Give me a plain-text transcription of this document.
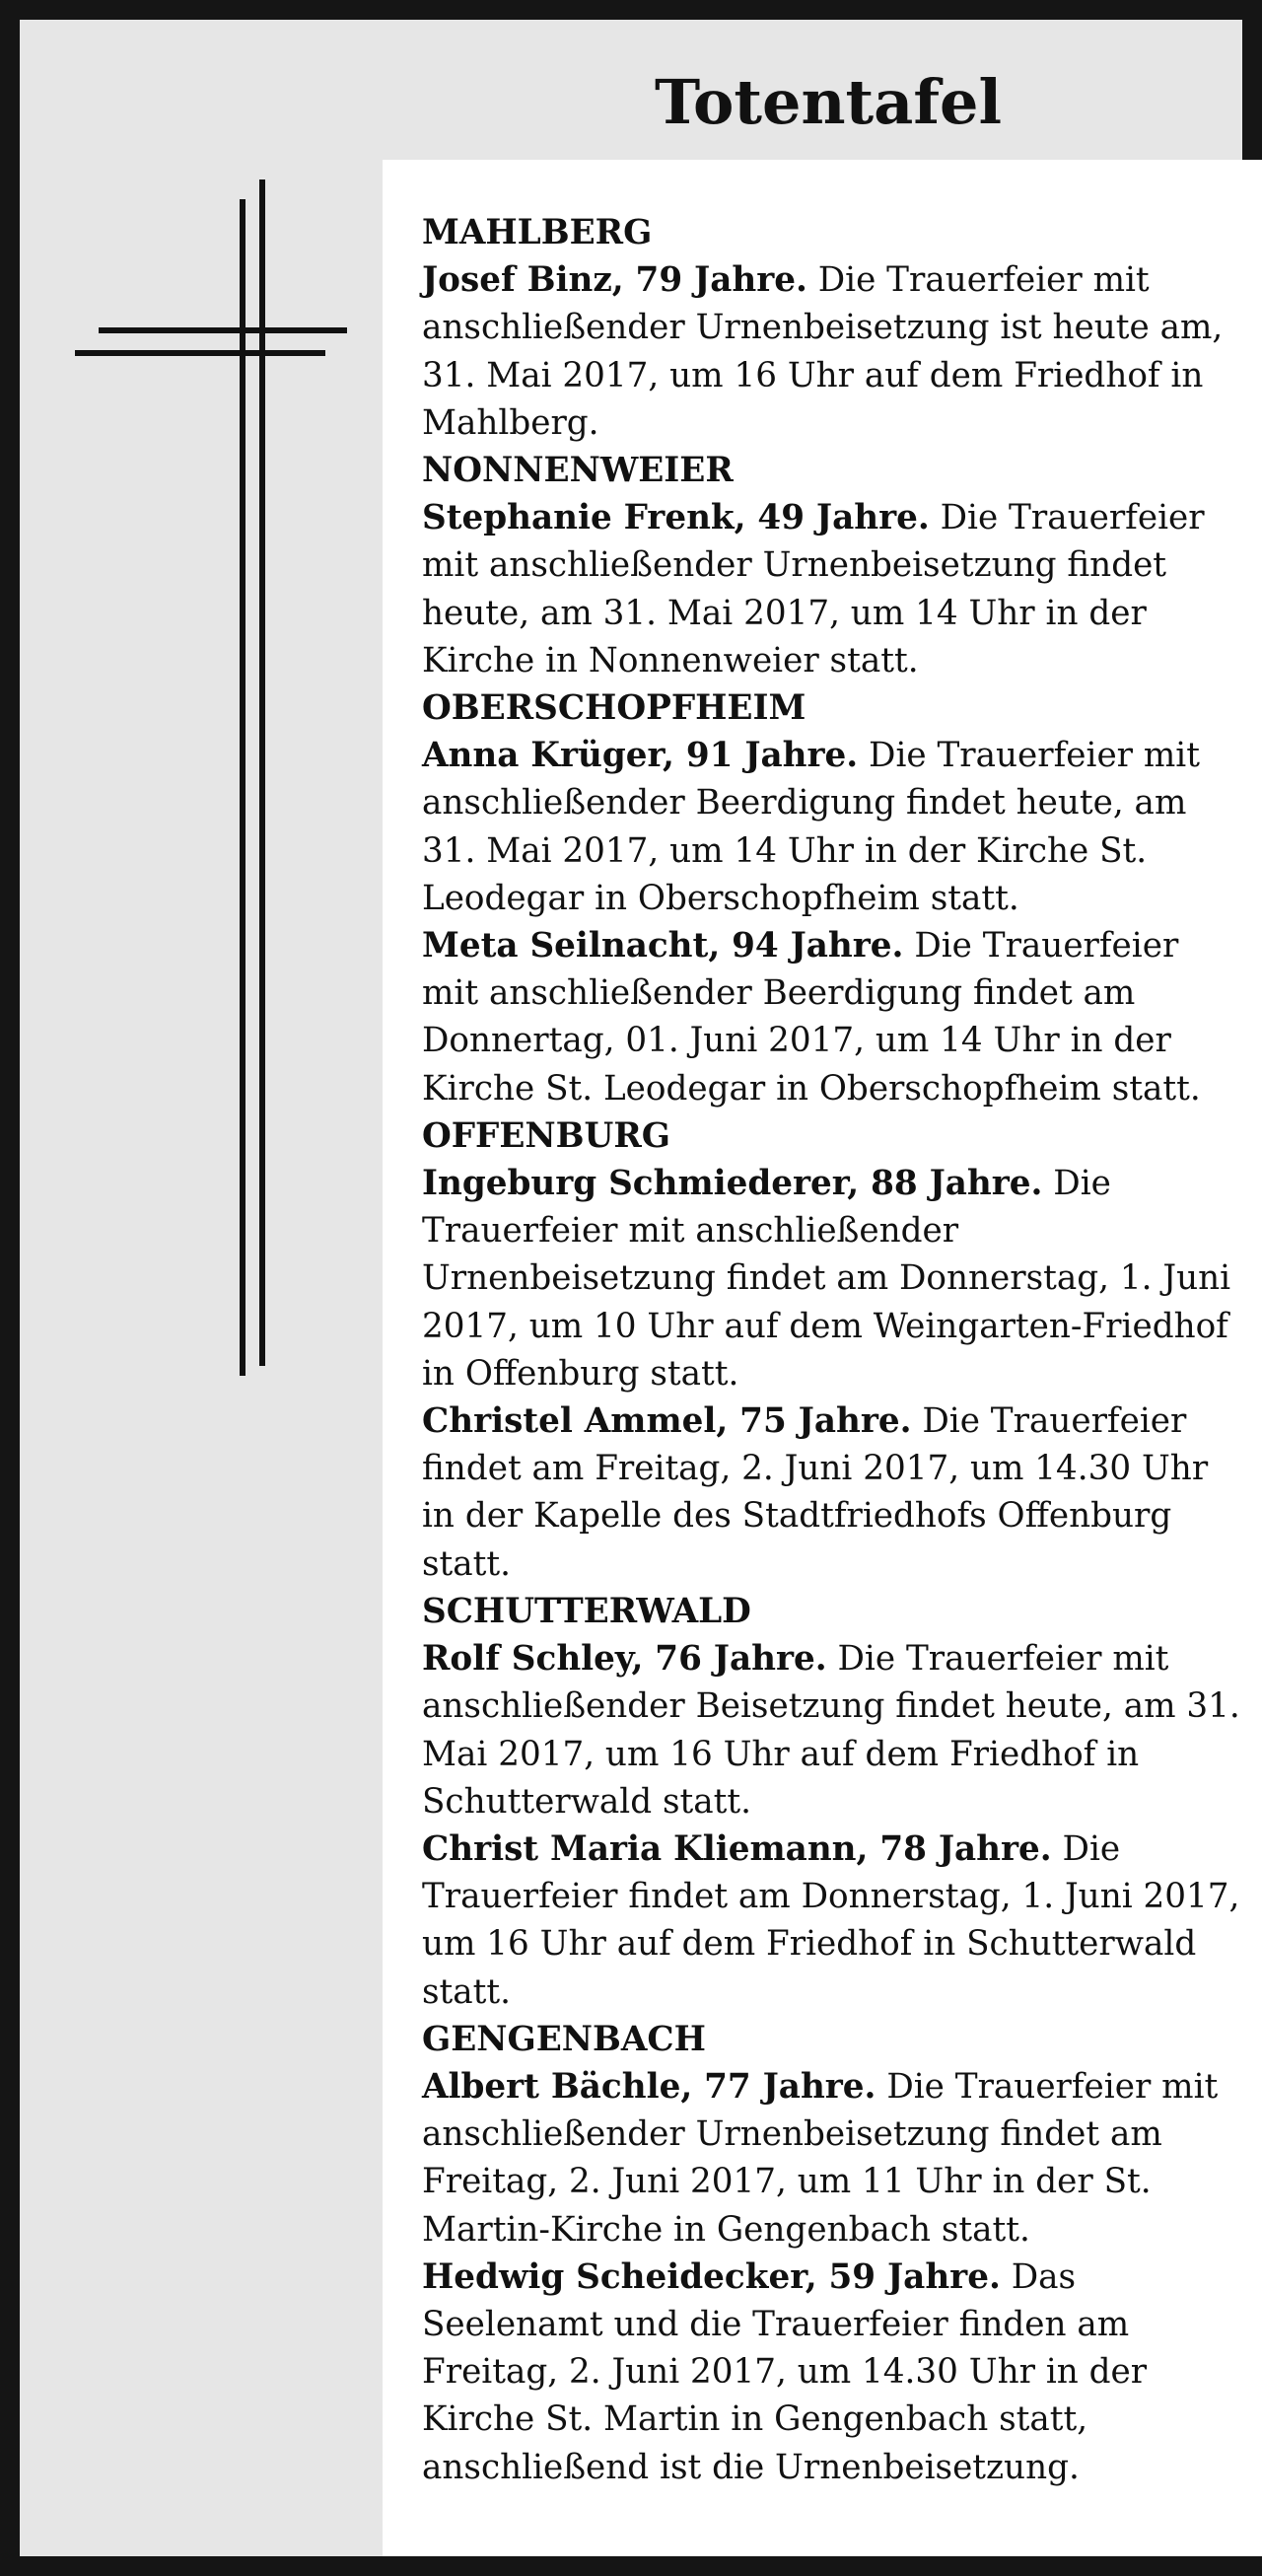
Totentafel
MAHLBERG
Josef Binz, 79 Jahre. Die Trauerfeier mit anschließender Urnenbeisetzung ist heute am, 31. Mai 2017, um 16 Uhr auf dem Friedhof in Mahlberg.
NONNENWEIER
Stephanie Frenk, 49 Jahre. Die Trauerfeier mit anschließender Urnenbeisetzung findet heute, am 31. Mai 2017, um 14 Uhr in der Kirche in Nonnenweier statt.
OBERSCHOPFHEIM
Anna Krüger, 91 Jahre. Die Trauerfeier mit anschließender Beerdigung findet heute, am 31. Mai 2017, um 14 Uhr in der Kirche St. Leodegar in Oberschopfheim statt.
Meta Seilnacht, 94 Jahre. Die Trauerfeier mit anschließender Beerdigung findet am Donnertag, 01. Juni 2017, um 14 Uhr in der Kirche St. Leodegar in Oberschopfheim statt.
OFFENBURG
Ingeburg Schmiederer, 88 Jahre. Die Trauerfeier mit anschließender Urnenbeisetzung findet am Donnerstag, 1. Juni 2017, um 10 Uhr auf dem Weingarten-Friedhof in Offenburg statt.
Christel Ammel, 75 Jahre. Die Trauerfeier findet am Freitag, 2. Juni 2017, um 14.30 Uhr in der Kapelle des Stadtfriedhofs Offenburg statt.
SCHUTTERWALD
Rolf Schley, 76 Jahre. Die Trauerfeier mit anschließender Beisetzung findet heute, am 31. Mai 2017, um 16 Uhr auf dem Friedhof in Schutterwald statt.
Christ Maria Kliemann, 78 Jahre. Die Trauerfeier findet am Donnerstag, 1. Juni 2017, um 16 Uhr auf dem Friedhof in Schutterwald statt.
GENGENBACH
Albert Bächle, 77 Jahre. Die Trauerfeier mit anschließender Urnenbeisetzung findet am Freitag, 2. Juni 2017, um 11 Uhr in der St. Martin-Kirche in Gengenbach statt.
Hedwig Scheidecker, 59 Jahre. Das Seelenamt und die Trauerfeier finden am Freitag, 2. Juni 2017, um 14.30 Uhr in der Kirche St. Martin in Gengenbach statt, anschließend ist die Urnenbeisetzung.
